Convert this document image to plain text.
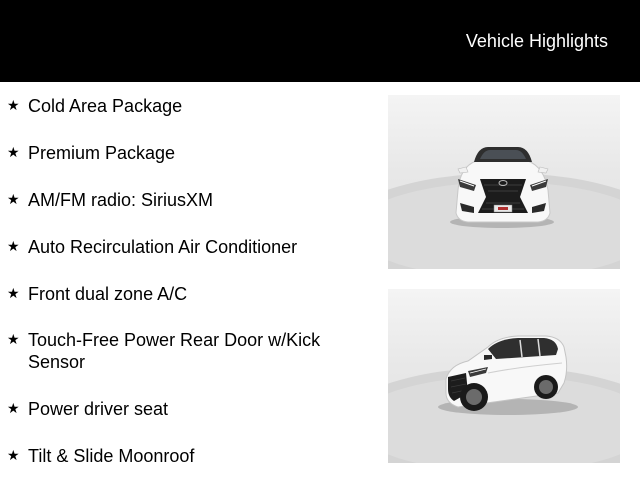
Vehicle Highlights
★ Cold Area Package
★ Premium Package
★ AM/FM radio: SiriusXM
★ Auto Recirculation Air Conditioner
★ Front dual zone A/C
★ Touch-Free Power Rear Door w/Kick Sensor
★ Power driver seat
★ Tilt & Slide Moonroof
